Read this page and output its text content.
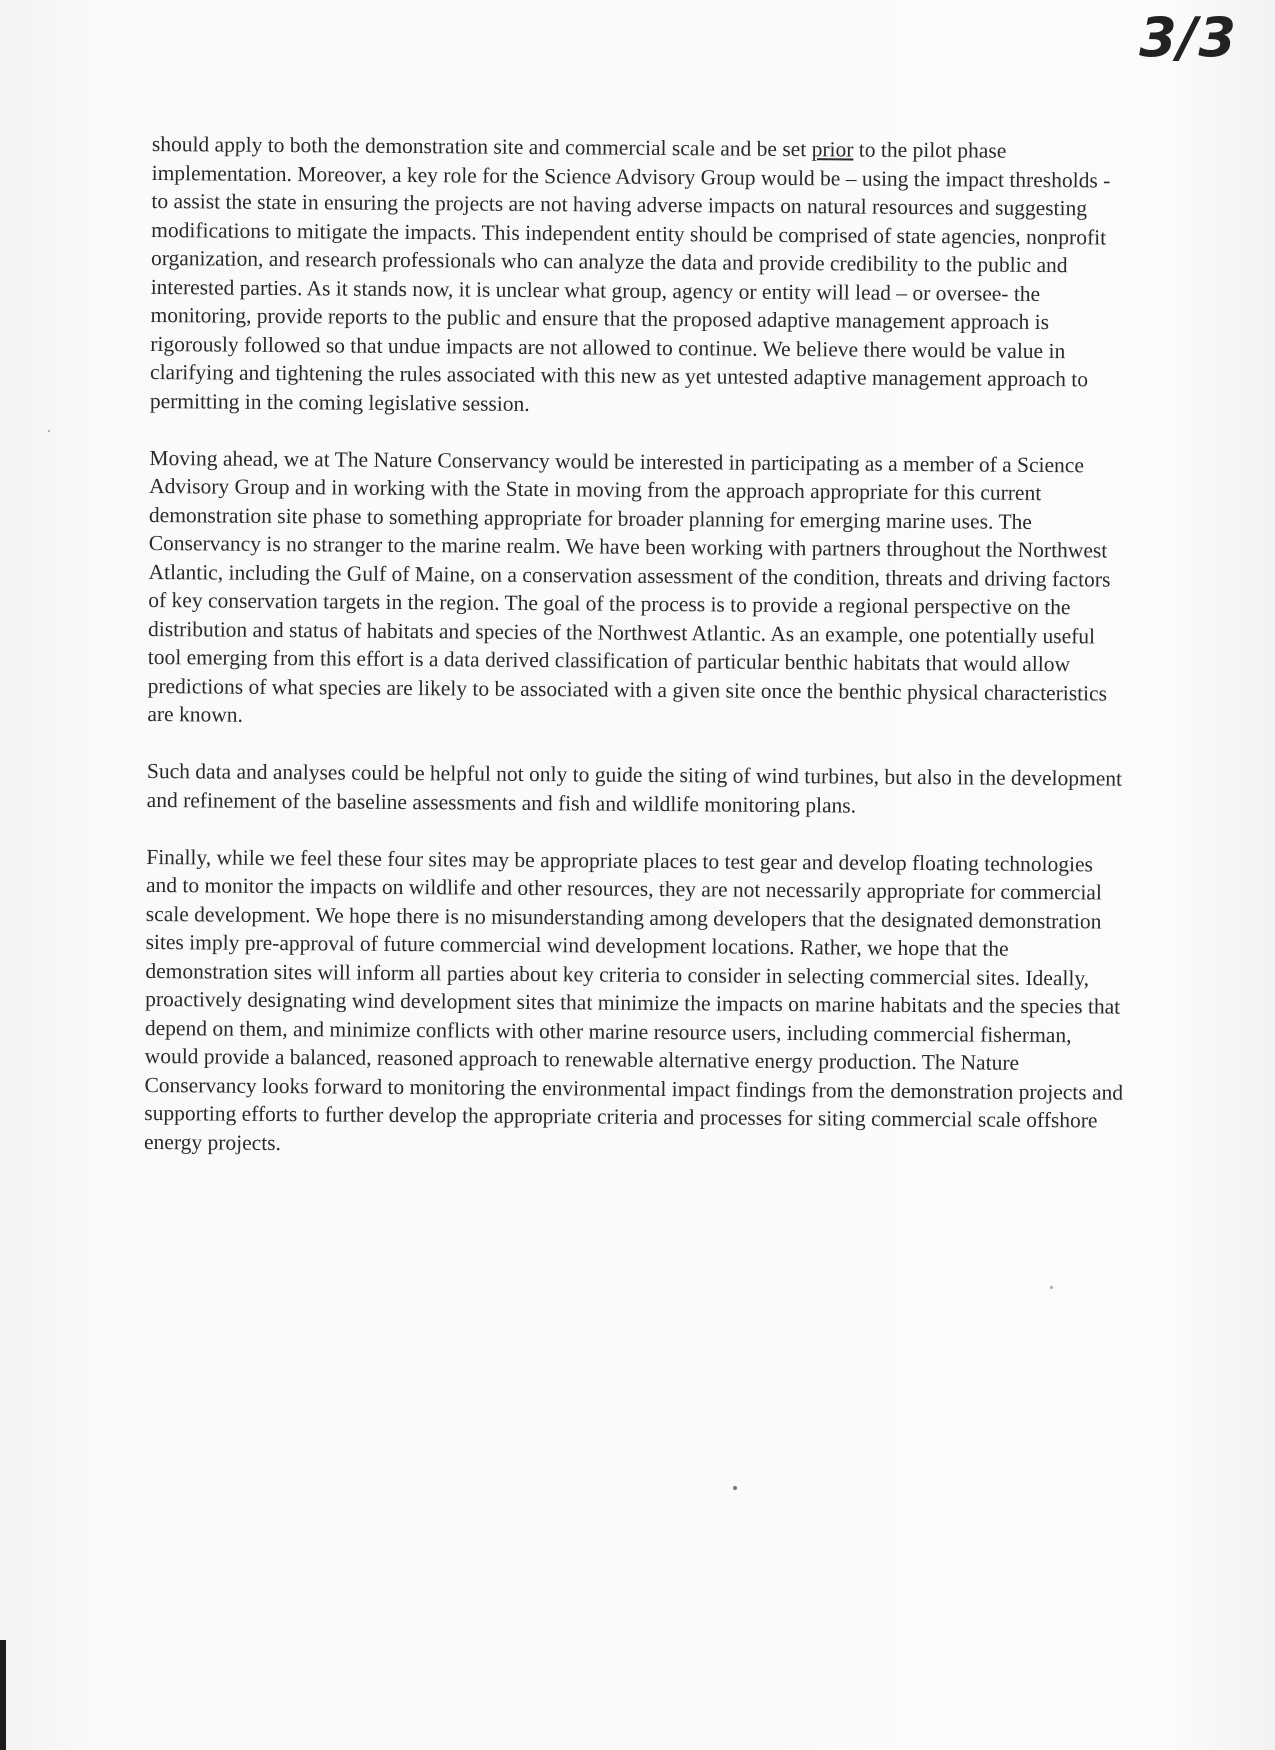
3/3

should apply to both the demonstration site and commercial scale and be set prior to the pilot phase implementation. Moreover, a key role for the Science Advisory Group would be – using the impact thresholds - to assist the state in ensuring the projects are not having adverse impacts on natural resources and suggesting modifications to mitigate the impacts. This independent entity should be comprised of state agencies, nonprofit organization, and research professionals who can analyze the data and provide credibility to the public and interested parties. As it stands now, it is unclear what group, agency or entity will lead – or oversee- the monitoring, provide reports to the public and ensure that the proposed adaptive management approach is rigorously followed so that undue impacts are not allowed to continue. We believe there would be value in clarifying and tightening the rules associated with this new as yet untested adaptive management approach to permitting in the coming legislative session.

Moving ahead, we at The Nature Conservancy would be interested in participating as a member of a Science Advisory Group and in working with the State in moving from the approach appropriate for this current demonstration site phase to something appropriate for broader planning for emerging marine uses. The Conservancy is no stranger to the marine realm. We have been working with partners throughout the Northwest Atlantic, including the Gulf of Maine, on a conservation assessment of the condition, threats and driving factors of key conservation targets in the region. The goal of the process is to provide a regional perspective on the distribution and status of habitats and species of the Northwest Atlantic. As an example, one potentially useful tool emerging from this effort is a data derived classification of particular benthic habitats that would allow predictions of what species are likely to be associated with a given site once the benthic physical characteristics are known.

Such data and analyses could be helpful not only to guide the siting of wind turbines, but also in the development and refinement of the baseline assessments and fish and wildlife monitoring plans.

Finally, while we feel these four sites may be appropriate places to test gear and develop floating technologies and to monitor the impacts on wildlife and other resources, they are not necessarily appropriate for commercial scale development. We hope there is no misunderstanding among developers that the designated demonstration sites imply pre-approval of future commercial wind development locations. Rather, we hope that the demonstration sites will inform all parties about key criteria to consider in selecting commercial sites. Ideally, proactively designating wind development sites that minimize the impacts on marine habitats and the species that depend on them, and minimize conflicts with other marine resource users, including commercial fisherman, would provide a balanced, reasoned approach to renewable alternative energy production. The Nature Conservancy looks forward to monitoring the environmental impact findings from the demonstration projects and supporting efforts to further develop the appropriate criteria and processes for siting commercial scale offshore energy projects.
